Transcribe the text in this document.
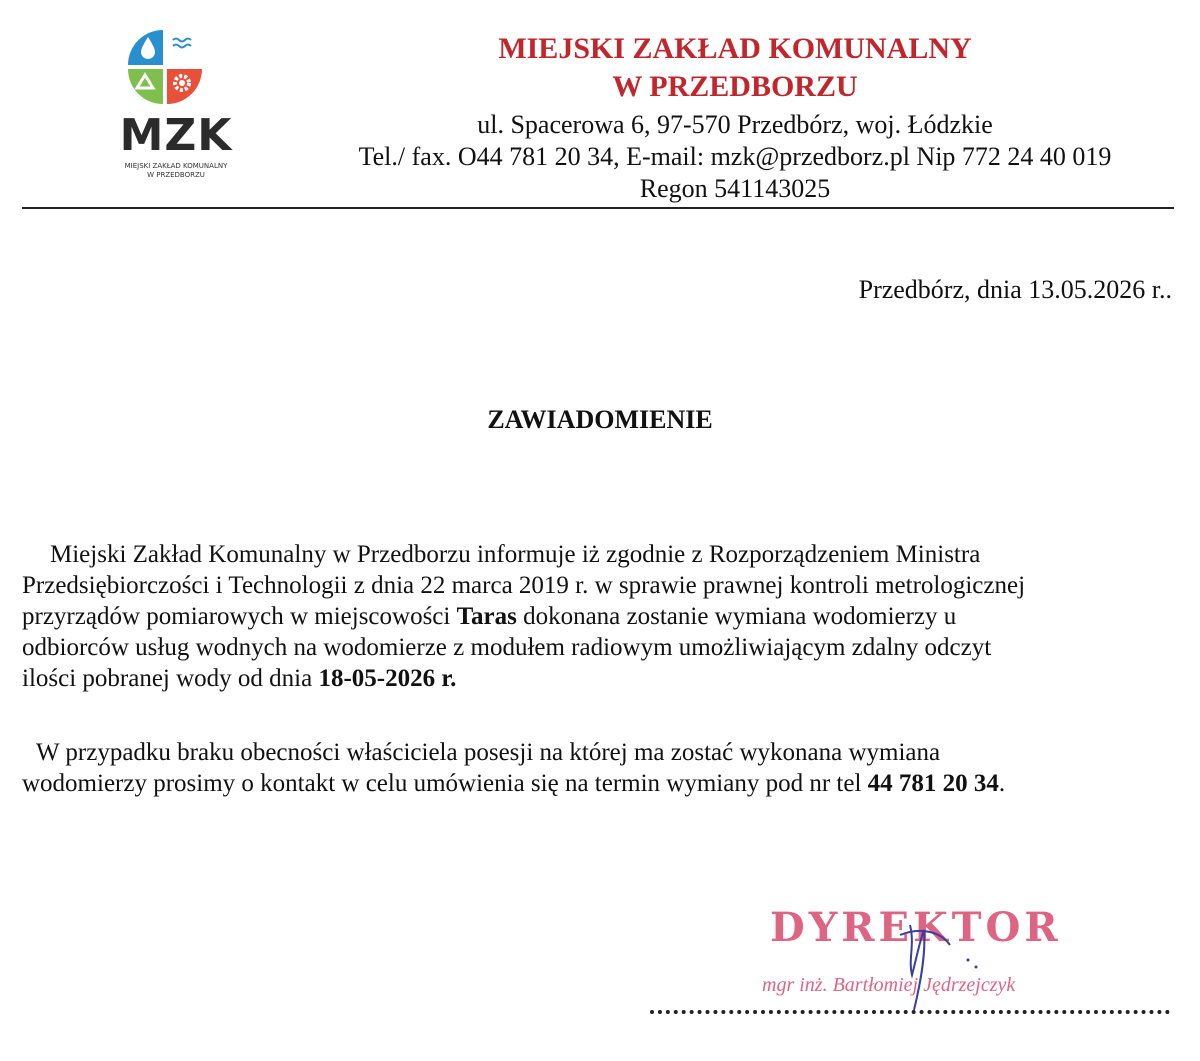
MZK
MIEJSKI ZAKŁAD KOMUNALNY
W PRZEDBORZU
MIEJSKI ZAKŁAD KOMUNALNY
W PRZEDBORZU
ul. Spacerowa 6, 97-570 Przedbórz, woj. Łódzkie
Tel./ fax. O44 781 20 34, E-mail: mzk@przedborz.pl Nip 772 24 40 019
Regon 541143025
Przedbórz, dnia 13.05.2026 r..
ZAWIADOMIENIE
Miejski Zakład Komunalny w Przedborzu informuje iż zgodnie z Rozporządzeniem Ministra
Przedsiębiorczości i Technologii z dnia 22 marca 2019 r. w sprawie prawnej kontroli metrologicznej
przyrządów pomiarowych w miejscowości Taras dokonana zostanie wymiana wodomierzy u
odbiorców usług wodnych na wodomierze z modułem radiowym umożliwiającym zdalny odczyt
ilości pobranej wody od dnia 18-05-2026 r.
W przypadku braku obecności właściciela posesji na której ma zostać wykonana wymiana
wodomierzy prosimy o kontakt w celu umówienia się na termin wymiany pod nr tel 44 781 20 34.
DYREKTOR
mgr inż. Bartłomiej Jędrzejczyk
